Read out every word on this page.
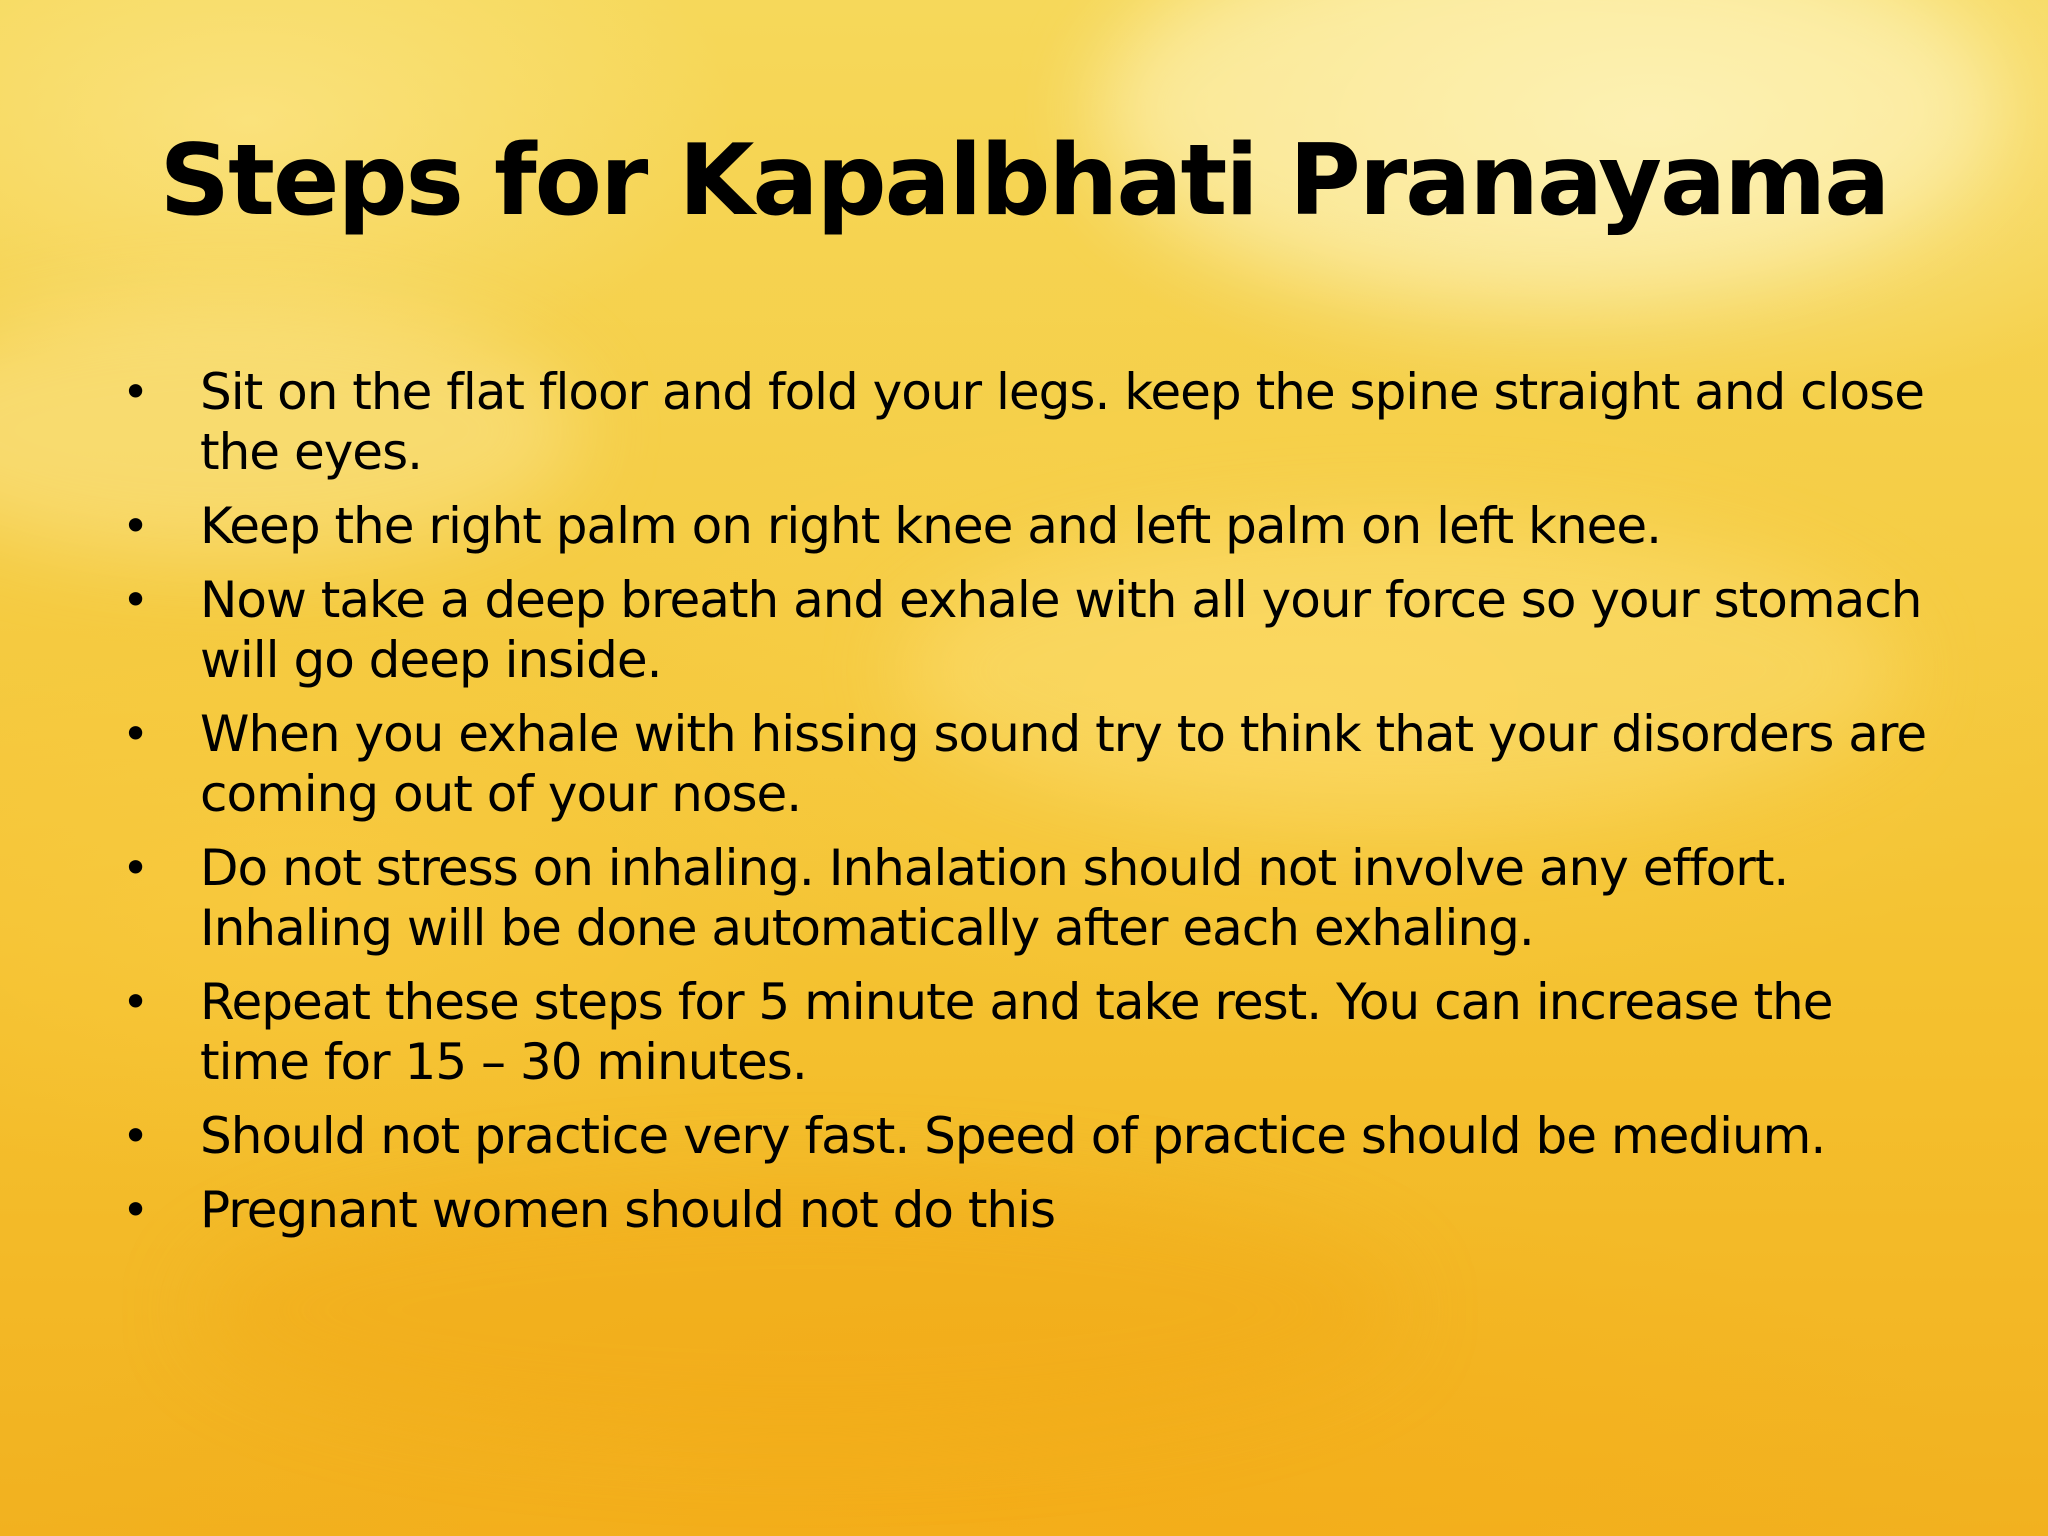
Steps for Kapalbhati Pranayama
• Sit on the flat floor and fold your legs. keep the spine straight and close the eyes.
• Keep the right palm on right knee and left palm on left knee.
• Now take a deep breath and exhale with all your force so your stomach will go deep inside.
• When you exhale with hissing sound try to think that your disorders are coming out of your nose.
• Do not stress on inhaling. Inhalation should not involve any effort. Inhaling will be done automatically after each exhaling.
• Repeat these steps for 5 minute and take rest. You can increase the time for 15 – 30 minutes.
• Should not practice very fast. Speed of practice should be medium.
• Pregnant women should not do this
